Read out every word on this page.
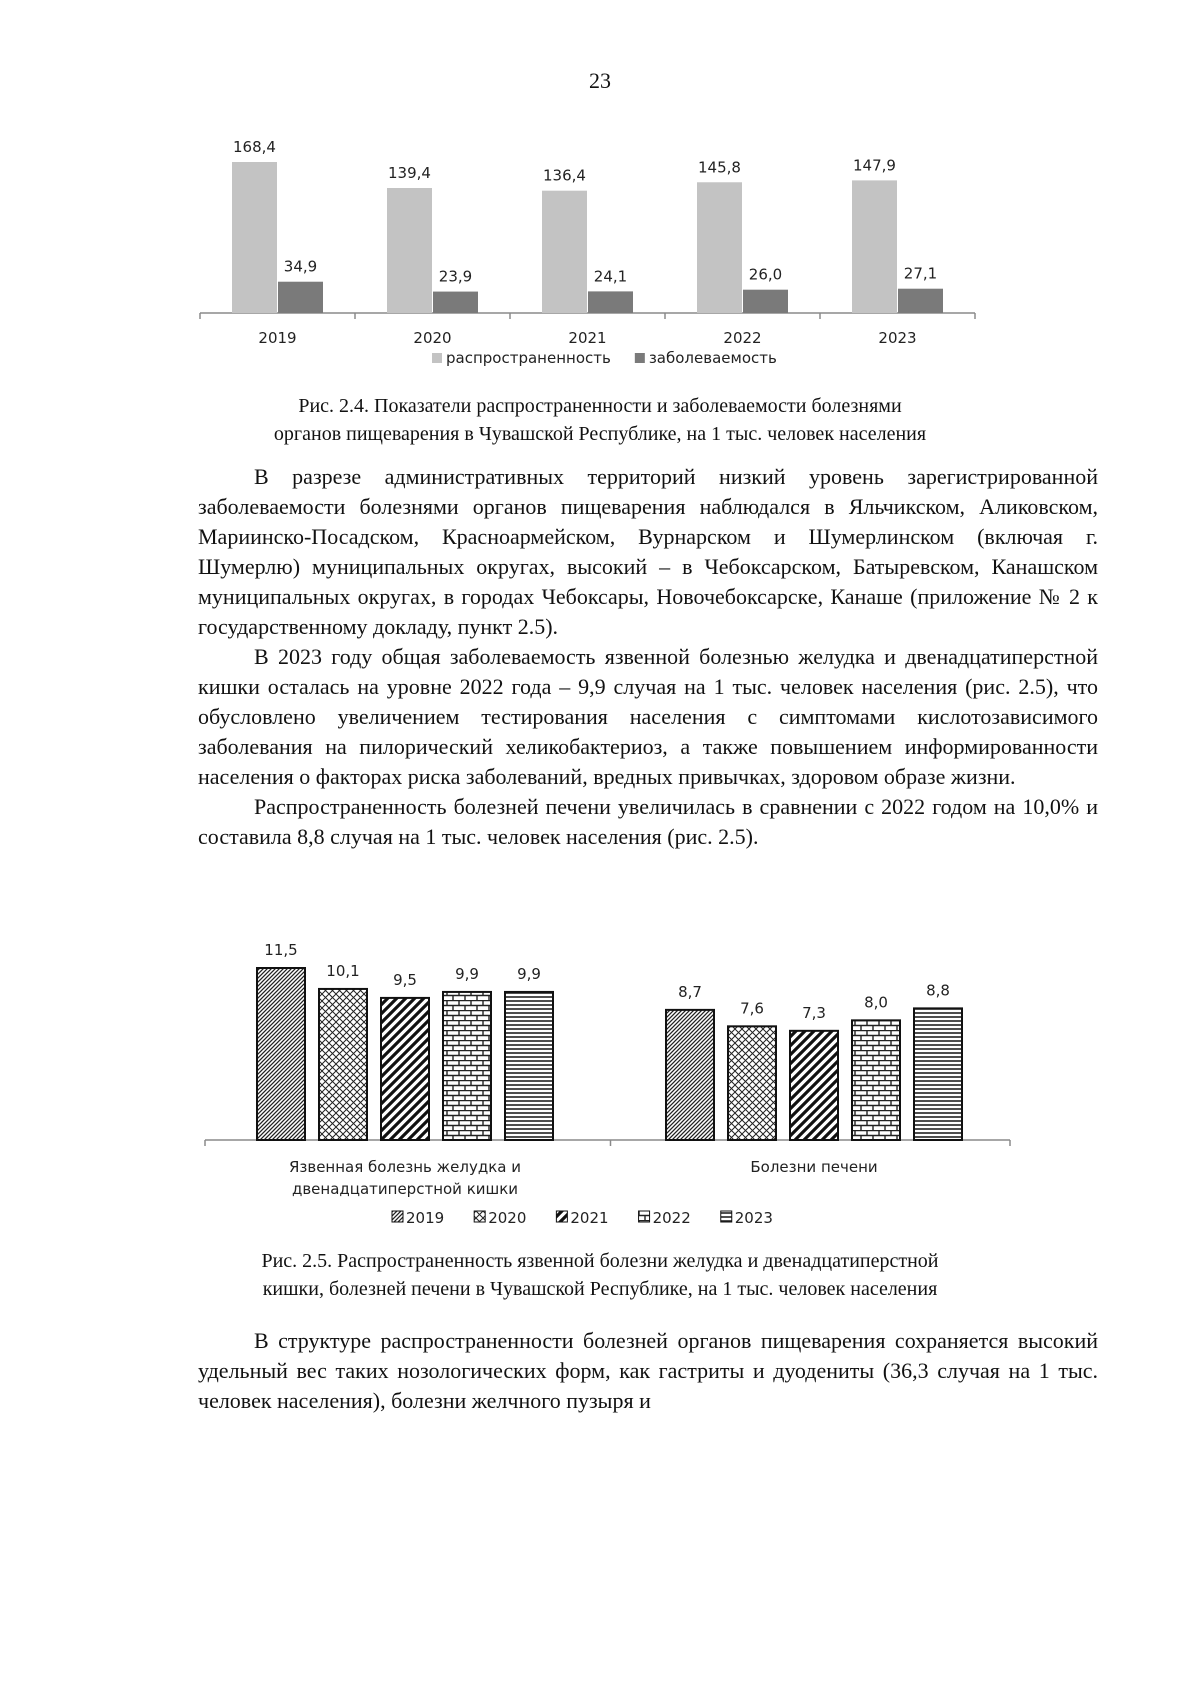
23
168,4
34,9
2019
139,4
23,9
2020
136,4
24,1
2021
145,8
26,0
2022
147,9
27,1
2023
распространенность	заболеваемость
Рис. 2.4. Показатели распространенности и заболеваемости болезнями
органов пищеварения в Чувашской Республике, на 1 тыс. человек населения

В разрезе административных территорий низкий уровень зарегистрированной заболеваемости болезнями органов пищеварения наблюдался в Яльчикском, Аликовском, Мариинско-Посадском, Красноармейском, Вурнарском и Шумерлинском (включая г. Шумерлю) муниципальных округах, высокий – в Чебоксарском, Батыревском, Канашском муниципальных округах, в городах Чебоксары, Новочебоксарске, Канаше (приложение № 2 к государственному докладу, пункт 2.5).

В 2023 году общая заболеваемость язвенной болезнью желудка и двенадцатиперстной кишки осталась на уровне 2022 года – 9,9 случая на 1 тыс. человек населения (рис. 2.5), что обусловлено увеличением тестирования населения с симптомами кислотозависимого заболевания на пилорический хеликобактериоз, а также повышением информированности населения о факторах риска заболеваний, вредных привычках, здоровом образе жизни.

Распространенность болезней печени увеличилась в сравнении с 2022 годом на 10,0% и составила 8,8 случая на 1 тыс. человек населения (рис. 2.5).

11,5
10,1 9,5	9,9	9,9
Язвенная болезнь желудка и
двенадцатиперстной кишки
8,7
7,6	7,3
8,0
8,8
Болезни печени
2019	2020	2021	2022	2023
Рис. 2.5. Распространенность язвенной болезни желудка и двенадцатиперстной
кишки, болезней печени в Чувашской Республике, на 1 тыс. человек населения

В структуре распространенности болезней органов пищеварения сохраняется высокий удельный вес таких нозологических форм, как гастриты и дуодениты (36,3 случая на 1 тыс. человек населения), болезни желчного пузыря и
